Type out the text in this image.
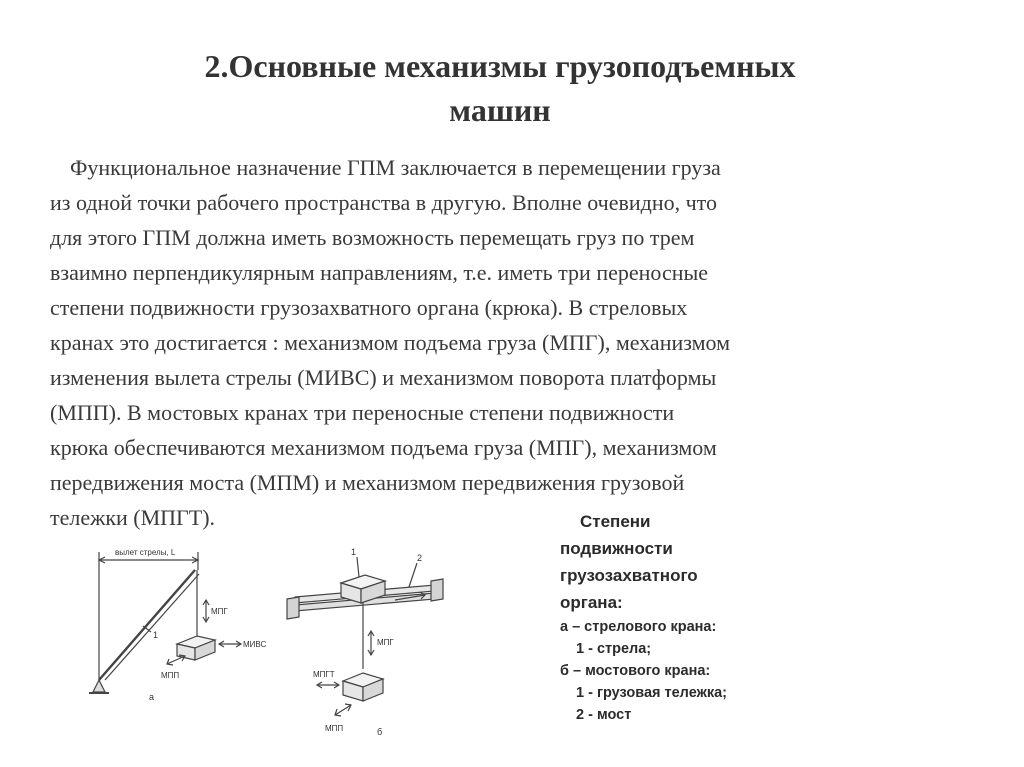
2.Основные механизмы грузоподъемных
машин
Функциональное назначение ГПМ заключается в перемещении груза
из одной точки рабочего пространства в другую. Вполне очевидно, что
для этого ГПМ должна иметь возможность перемещать груз по трем
взаимно перпендикулярным направлениям, т.е. иметь три переносные
степени подвижности грузозахватного органа (крюка). В стреловых
кранах это достигается : механизмом подъема груза (МПГ), механизмом
изменения вылета стрелы (МИВС) и механизмом поворота платформы
(МПП). В мостовых кранах три переносные степени подвижности
крюка обеспечиваются механизмом подъема груза (МПГ), механизмом
передвижения моста (МПМ) и механизмом передвижения грузовой
тележки (МПГТ).	Степени
подвижности
грузозахватного
органа:
а – стрелового крана:
1 - стрела;
б – мостового крана:
1 - грузовая тележка;
2 - мост
вылет стрелы, L
1
МПГ
МИВС
МПП
а
1
2
МПГ
МПГТ
МПП	б
